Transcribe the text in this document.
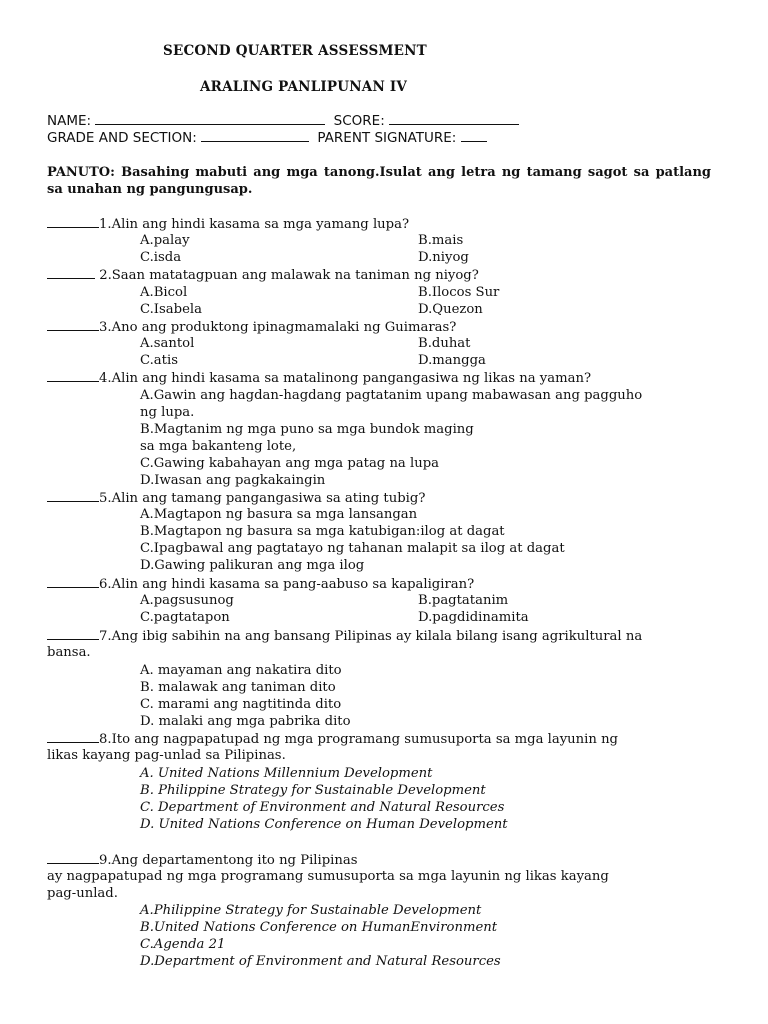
SECOND QUARTER ASSESSMENT
ARALING PANLIPUNAN IV
NAME:	SCORE:
GRADE AND SECTION:	PARENT SIGNATURE:
PANUTO: Basahing mabuti ang mga tanong.Isulat ang letra ng tamang sagot sa patlang sa unahan ng pangungusap.
1.Alin ang hindi kasama sa mga yamang lupa?
A.palay	B.mais
C.isda	D.niyog
2.Saan matatagpuan ang malawak na taniman ng niyog?
A.Bicol	B.Ilocos Sur
C.Isabela	D.Quezon
3.Ano ang produktong ipinagmamalaki ng Guimaras?
A.santol	B.duhat
C.atis	D.mangga
4.Alin ang hindi kasama sa matalinong pangangasiwa ng likas na yaman?
A.Gawin ang hagdan-hagdang pagtatanim upang mabawasan ang pagguho
ng lupa.
B.Magtanim ng mga puno sa mga bundok maging
sa mga bakanteng lote,
C.Gawing kabahayan ang mga patag na lupa
D.Iwasan ang pagkakaingin
5.Alin ang tamang pangangasiwa sa ating tubig?
A.Magtapon ng basura sa mga lansangan
B.Magtapon ng basura sa mga katubigan:ilog at dagat
C.Ipagbawal ang pagtatayo ng tahanan malapit sa ilog at dagat
D.Gawing palikuran ang mga ilog
6.Alin ang hindi kasama sa pang-aabuso sa kapaligiran?
A.pagsusunog	B.pagtatanim
C.pagtatapon	D.pagdidinamita
7.Ang ibig sabihin na ang bansang Pilipinas ay kilala bilang isang agrikultural na
bansa.
A. mayaman ang nakatira dito
B. malawak ang taniman dito
C. marami ang nagtitinda dito
D. malaki ang mga pabrika dito
8.Ito ang nagpapatupad ng mga programang sumusuporta sa mga layunin ng
likas kayang pag-unlad sa Pilipinas.
A. United Nations Millennium Development
B. Philippine Strategy for Sustainable Development
C. Department of Environment and Natural Resources
D. United Nations Conference on Human Development
9.Ang departamentong ito ng Pilipinas
ay nagpapatupad ng mga programang sumusuporta sa mga layunin ng likas kayang
pag-unlad.
A.Philippine Strategy for Sustainable Development
B.United Nations Conference on HumanEnvironment
C.Agenda 21
D.Department of Environment and Natural Resources
